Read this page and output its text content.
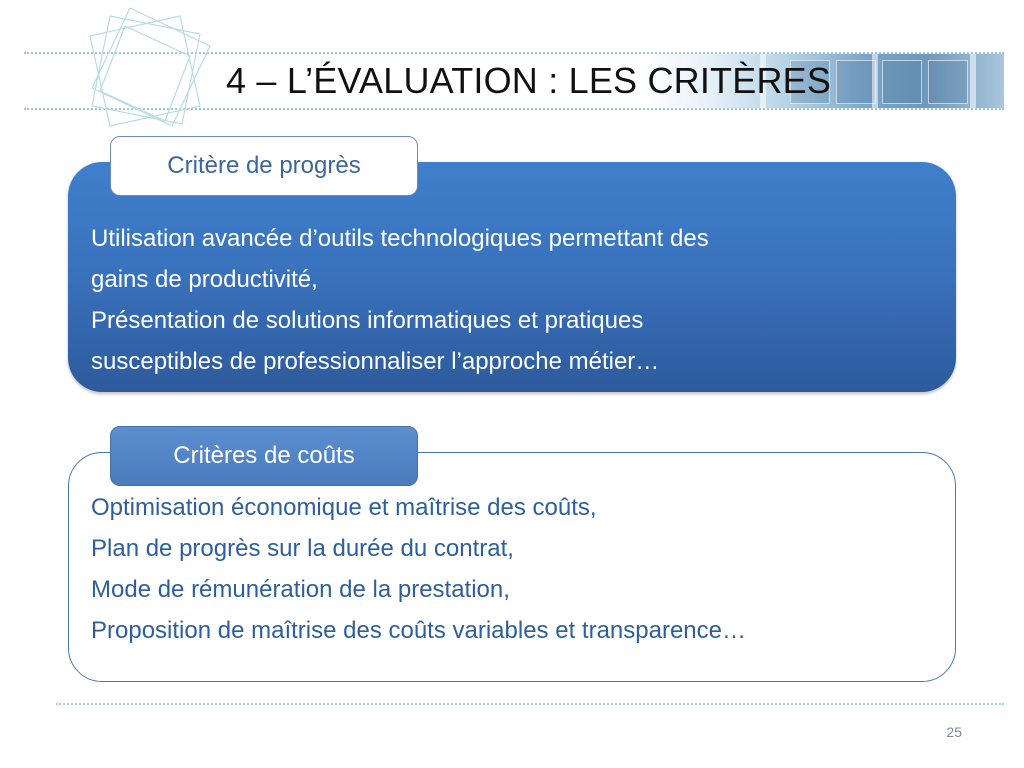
4 – L’ÉVALUATION : LES CRITÈRES
Utilisation avancée d’outils technologiques permettant des
gains de productivité,
Présentation de solutions informatiques et pratiques
susceptibles de professionnaliser l’approche métier…
Critère de progrès
Optimisation économique et maîtrise des coûts,
Plan de progrès sur la durée du contrat,
Mode de rémunération de la prestation,
Proposition de maîtrise des coûts variables et transparence…
Critères de coûts
25
